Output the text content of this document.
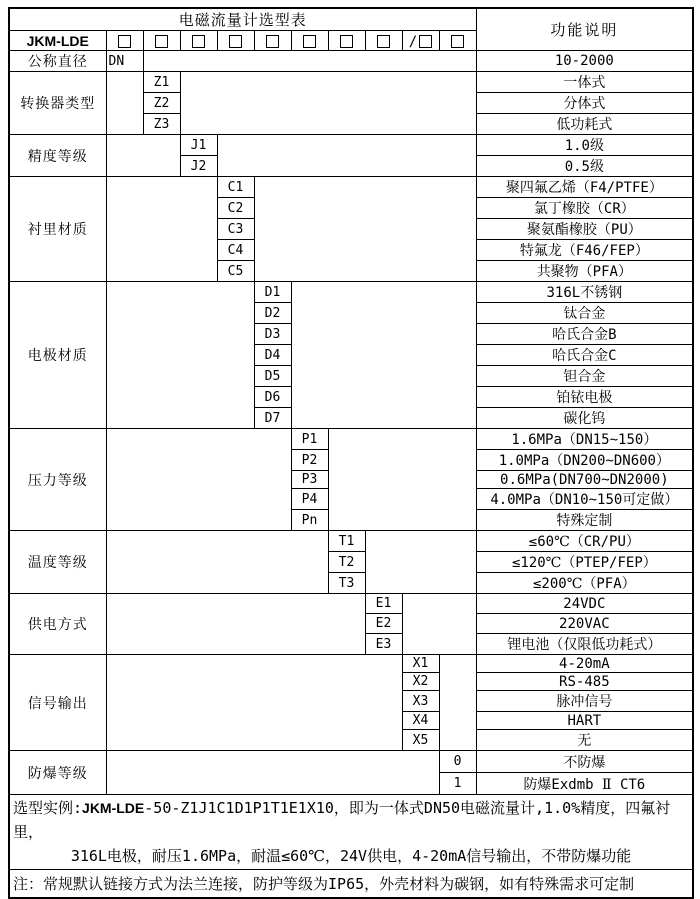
电磁流量计选型表											功能说明
JKM-LDE									/		
公称直径	DN										10-2000
转换器类型		Z1									一体式
		Z2									分体式
		Z3									低功耗式
精度等级			J1								1.0级
			J2								0.5级
衬里材质				C1							聚四氟乙烯（F4/PTFE）
				C2							氯丁橡胶（CR）
				C3							聚氨酯橡胶（PU）
				C4							特氟龙（F46/FEP）
				C5							共聚物（PFA）
电极材质					D1						316L不锈钢
					D2						钛合金
					D3						哈氏合金B
					D4						哈氏合金C
					D5						钽合金
					D6						铂铱电极
					D7						碳化钨
压力等级						P1					1.6MPa（DN15~150）
						P2					1.0MPa（DN200~DN600）
						P3					0.6MPa(DN700~DN2000)
						P4					4.0MPa（DN10~150可定做）
						Pn					特殊定制
温度等级							T1				≤60℃（CR/PU）
							T2				≤120℃（PTEP/FEP）
							T3				≤200℃（PFA）
供电方式								E1			24VDC
								E2			220VAC
								E3			锂电池（仅限低功耗式）
信号输出									X1		4-20mA
									X2		RS-485
									X3		脉冲信号
									X4		HART
									X5		无
防爆等级										0	不防爆
										1	防爆Exdmb Ⅱ CT6
选型实例:JKM-LDE-50-Z1J1C1D1P1T1E1X10，即为一体式DN50电磁流量计,1.0%精度，四氟衬里，
316L电极，耐压1.6MPa，耐温≤60℃，24V供电，4-20mA信号输出，不带防爆功能											

注：常规默认链接方式为法兰连接，防护等级为IP65，外壳材料为碳钢，如有特殊需求可定制											
